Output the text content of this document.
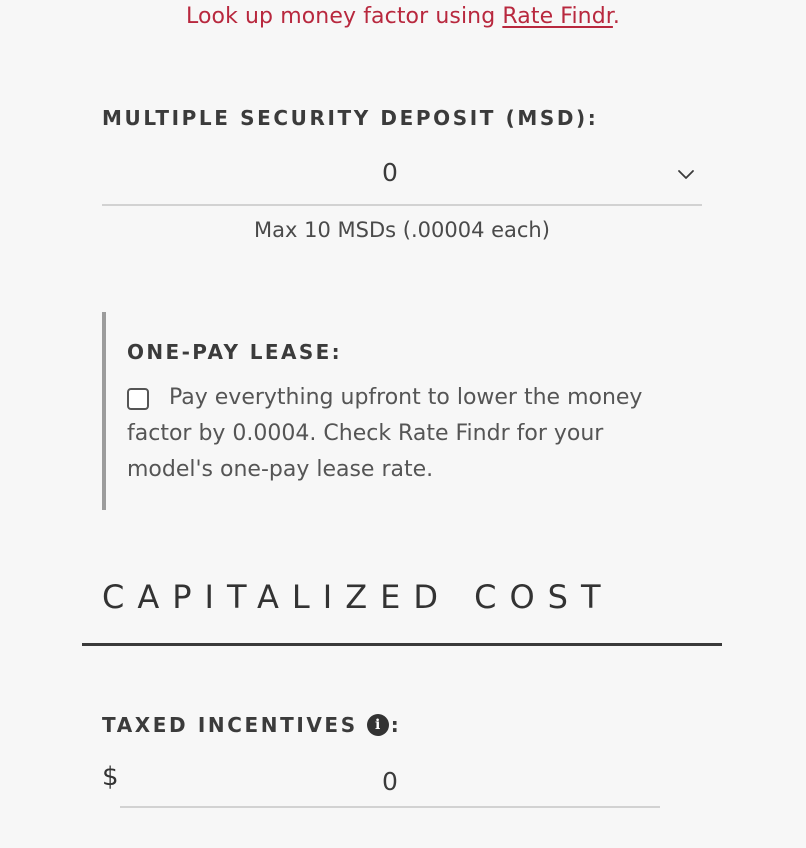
Look up money factor using Rate Findr.
MULTIPLE SECURITY DEPOSIT (MSD):
0
Max 10 MSDs (.00004 each)
ONE-PAY LEASE:
Pay everything upfront to lower the money factor by 0.0004. Check Rate Findr for your model's one-pay lease rate.
CAPITALIZED COST
TAXED INCENTIVES	i :
$
0
